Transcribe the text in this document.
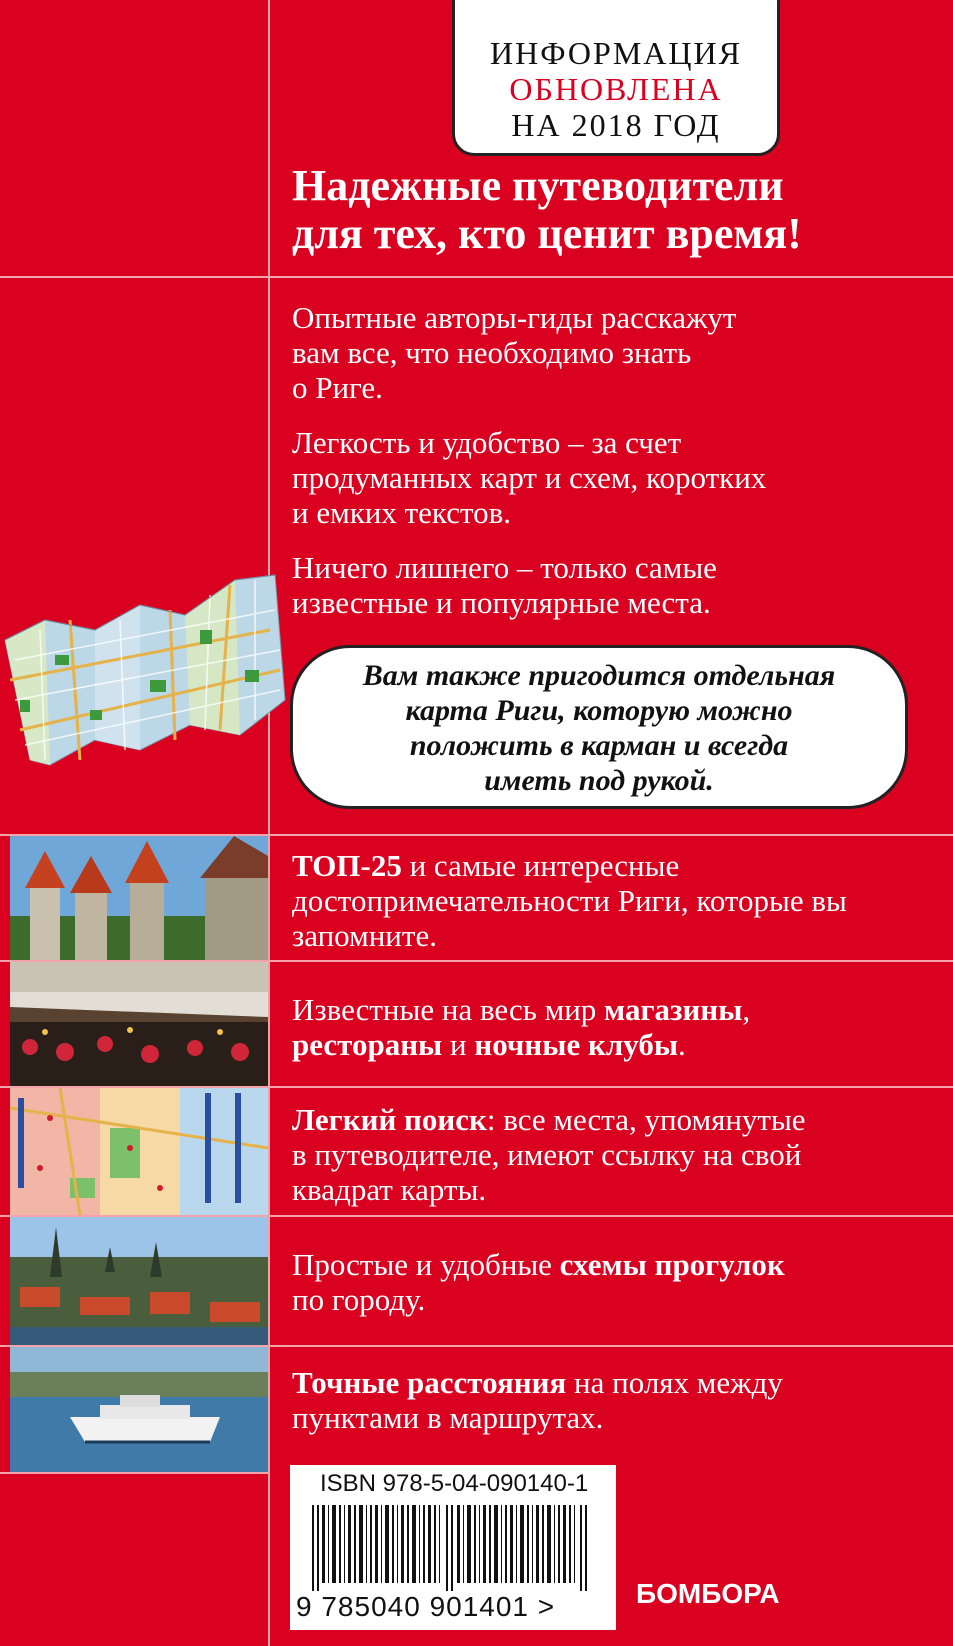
ИНФОРМАЦИЯ
ОБНОВЛЕНА
НА 2018 ГОД
Надежные путеводители
для тех, кто ценит время!
Опытные авторы-гиды расскажут
вам все, что необходимо знать
о Риге.
Легкость и удобство – за счет
продуманных карт и схем, коротких
и емких текстов.
Ничего лишнего – только самые
известные и популярные места.
Вам также пригодится отдельная
карта Риги, которую можно
положить в карман и всегда
иметь под рукой.
ТОП-25 и самые интересные
достопримечательности Риги, которые вы
запомните.
Известные на весь мир магазины,
рестораны и ночные клубы.
Легкий поиск: все места, упомянутые
в путеводителе, имеют ссылку на свой
квадрат карты.
Простые и удобные схемы прогулок
по городу.
Точные расстояния на полях между
пунктами в маршрутах.
ISBN 978-5-04-090140-1
9 785040 901401 >	БОМБОРА
